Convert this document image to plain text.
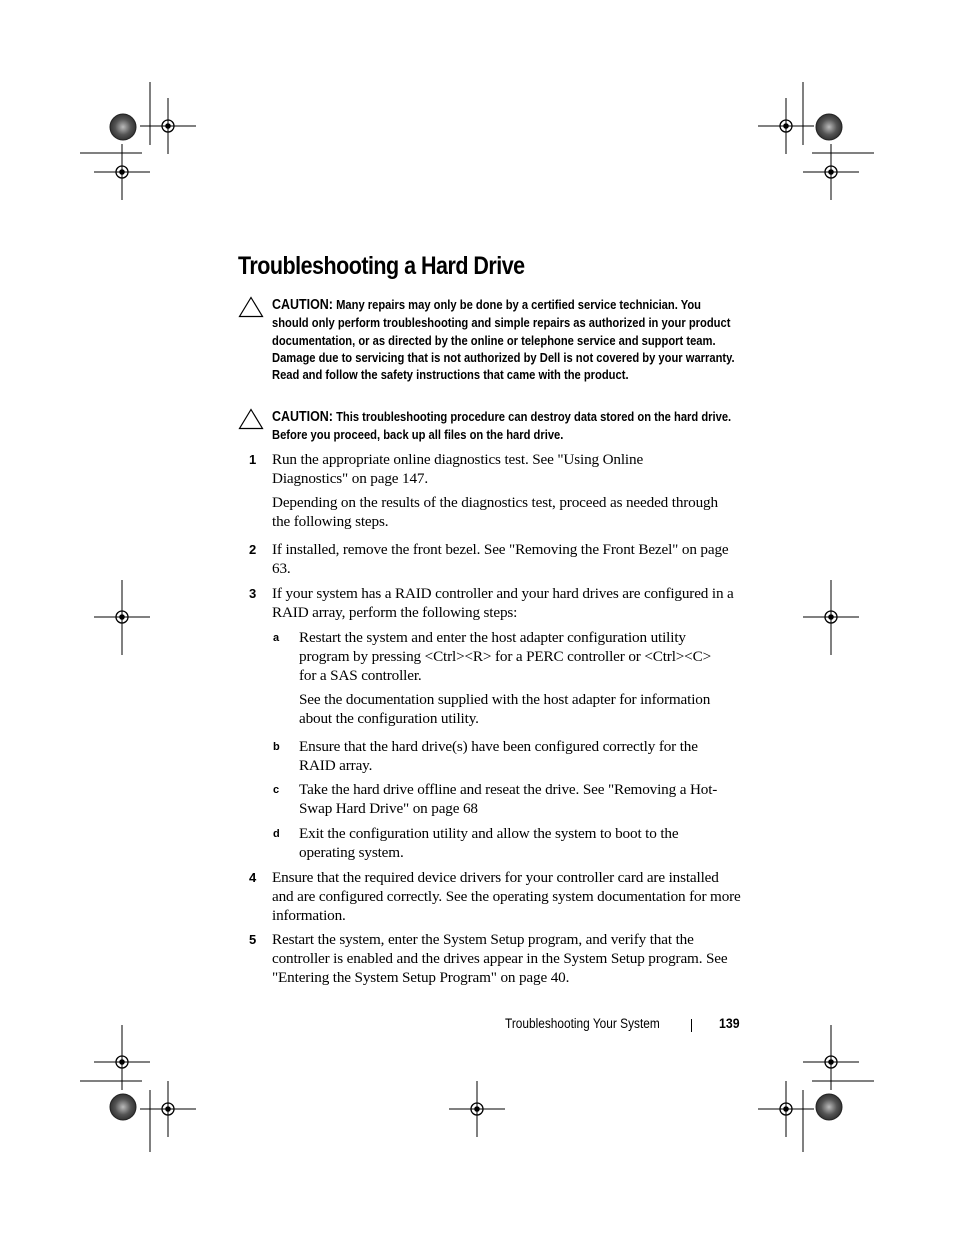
Troubleshooting a Hard Drive
CAUTION: Many repairs may only be done by a certified service technician. You should only perform troubleshooting and simple repairs as authorized in your product documentation, or as directed by the online or telephone service and support team. Damage due to servicing that is not authorized by Dell is not covered by your warranty. Read and follow the safety instructions that came with the product.
CAUTION: This troubleshooting procedure can destroy data stored on the hard drive. Before you proceed, back up all files on the hard drive.
1 Run the appropriate online diagnostics test. See "Using Online Diagnostics" on page 147.
Depending on the results of the diagnostics test, proceed as needed through the following steps.
2 If installed, remove the front bezel. See "Removing the Front Bezel" on page 63.
3 If your system has a RAID controller and your hard drives are configured in a RAID array, perform the following steps:
a Restart the system and enter the host adapter configuration utility program by pressing <Ctrl><R> for a PERC controller or <Ctrl><C> for a SAS controller.
See the documentation supplied with the host adapter for information about the configuration utility.
b Ensure that the hard drive(s) have been configured correctly for the RAID array.
c Take the hard drive offline and reseat the drive. See "Removing a Hot-Swap Hard Drive" on page 68
d Exit the configuration utility and allow the system to boot to the operating system.
4 Ensure that the required device drivers for your controller card are installed and are configured correctly. See the operating system documentation for more information.
5 Restart the system, enter the System Setup program, and verify that the controller is enabled and the drives appear in the System Setup program. See "Entering the System Setup Program" on page 40.
Troubleshooting Your System	139
